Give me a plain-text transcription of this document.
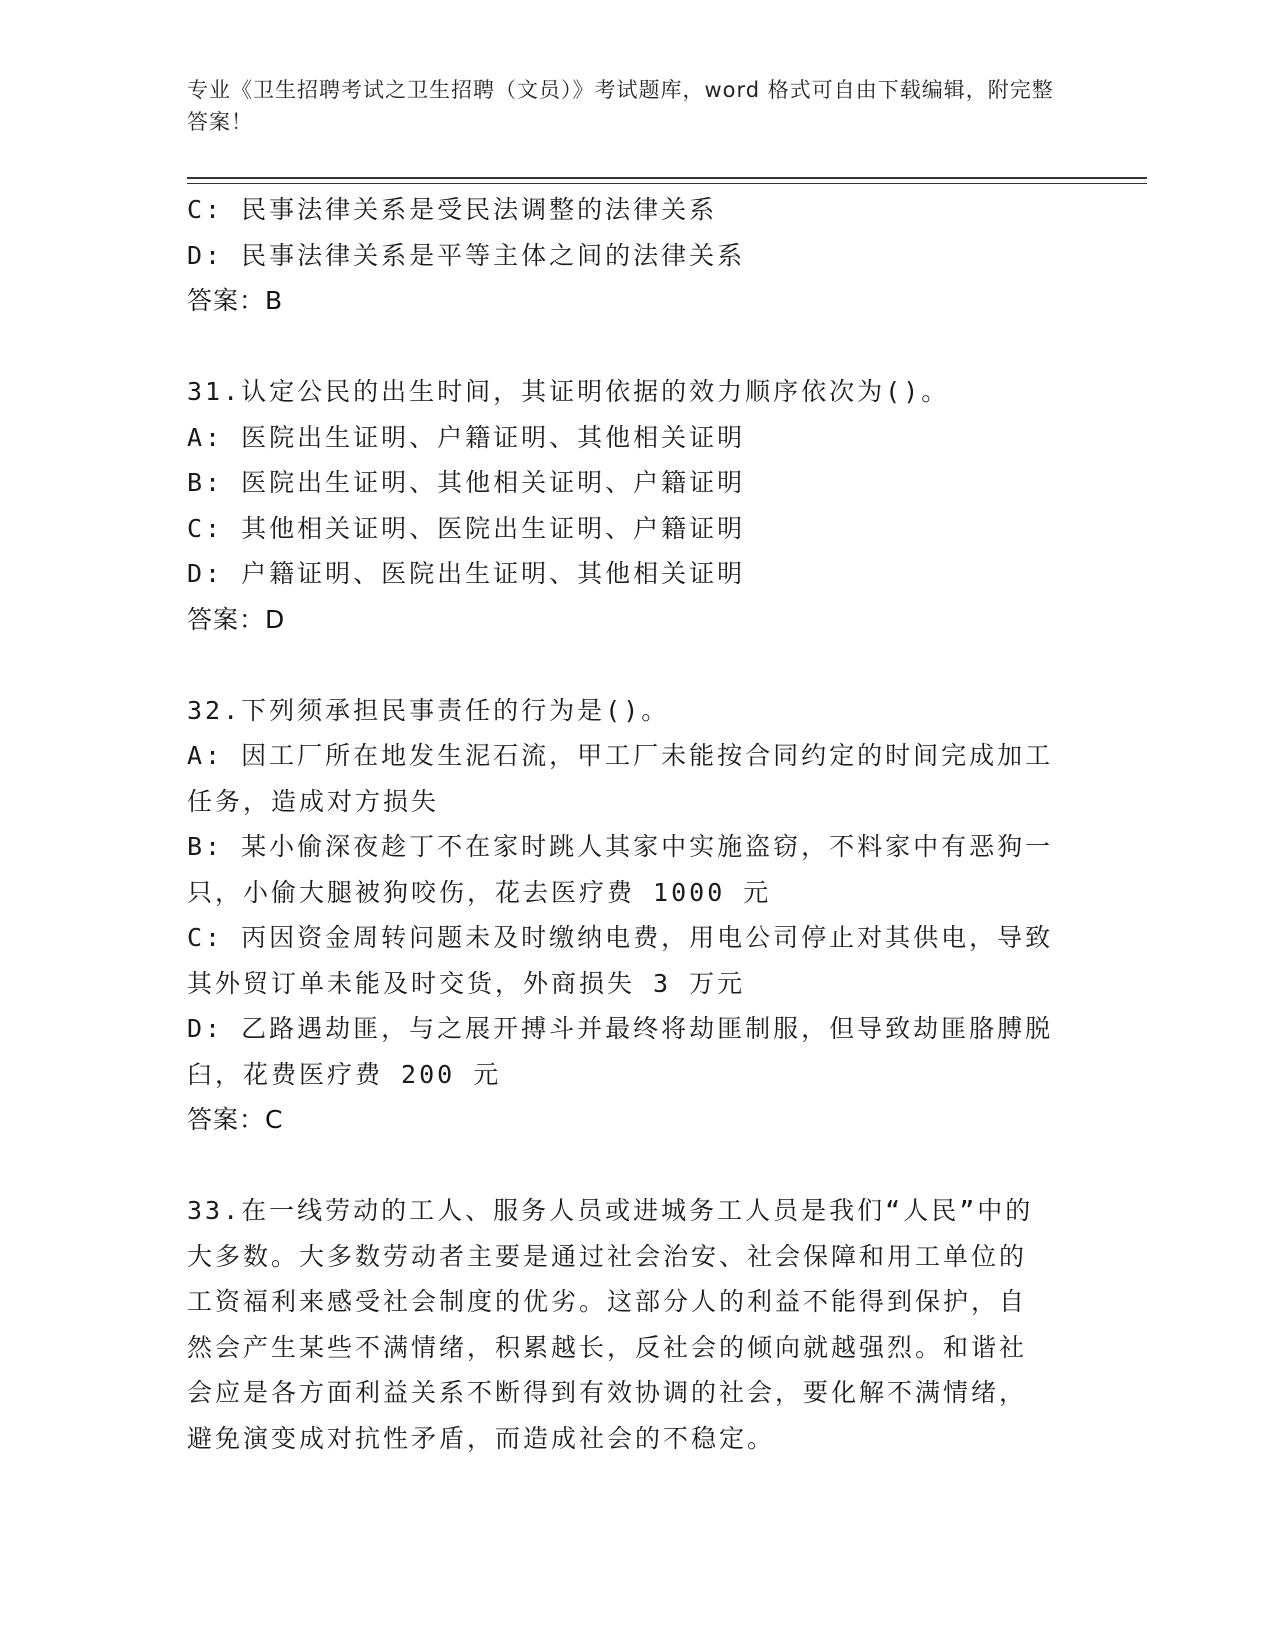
专业《卫生招聘考试之卫生招聘（文员）》考试题库，word 格式可自由下载编辑，附完整答案！
C: 民事法律关系是受民法调整的法律关系
D: 民事法律关系是平等主体之间的法律关系
答案：B
31.认定公民的出生时间，其证明依据的效力顺序依次为()。
A: 医院出生证明、户籍证明、其他相关证明
B: 医院出生证明、其他相关证明、户籍证明
C: 其他相关证明、医院出生证明、户籍证明
D: 户籍证明、医院出生证明、其他相关证明
答案：D
32.下列须承担民事责任的行为是()。
A: 因工厂所在地发生泥石流，甲工厂未能按合同约定的时间完成加工
任务，造成对方损失
B: 某小偷深夜趁丁不在家时跳人其家中实施盗窃，不料家中有恶狗一
只，小偷大腿被狗咬伤，花去医疗费 1000 元
C: 丙因资金周转问题未及时缴纳电费，用电公司停止对其供电，导致
其外贸订单未能及时交货，外商损失 3 万元
D: 乙路遇劫匪，与之展开搏斗并最终将劫匪制服，但导致劫匪胳膊脱
臼，花费医疗费 200 元
答案：C
33.在一线劳动的工人、服务人员或进城务工人员是我们“人民”中的
大多数。大多数劳动者主要是通过社会治安、社会保障和用工单位的
工资福利来感受社会制度的优劣。这部分人的利益不能得到保护，自
然会产生某些不满情绪，积累越长，反社会的倾向就越强烈。和谐社
会应是各方面利益关系不断得到有效协调的社会，要化解不满情绪，
避免演变成对抗性矛盾，而造成社会的不稳定。
